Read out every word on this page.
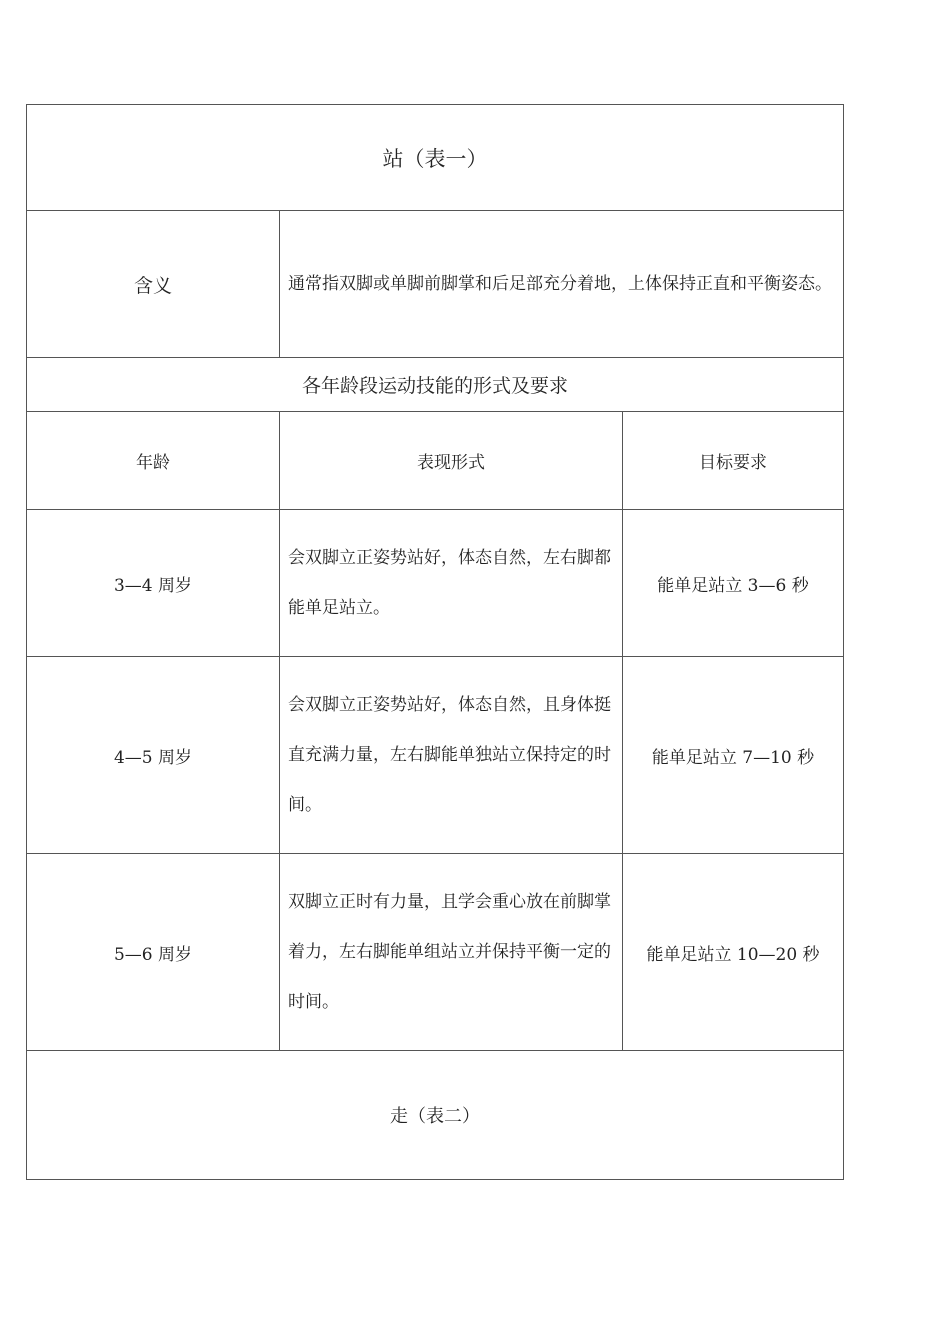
站（表一）		
含义	通常指双脚或单脚前脚掌和后足部充分着地，上体保持正直和平衡姿态。	
各年龄段运动技能的形式及要求		
年龄	表现形式	目标要求
3—4 周岁	会双脚立正姿势站好，体态自然，左右脚都能单足站立。	能单足站立 3—6 秒
4—5 周岁	会双脚立正姿势站好，体态自然，且身体挺直充满力量，左右脚能单独站立保持定的时间。	能单足站立 7—10 秒
5—6 周岁	双脚立正时有力量，且学会重心放在前脚掌着力，左右脚能单组站立并保持平衡一定的时间。	能单足站立 10—20 秒
走（表二）		
